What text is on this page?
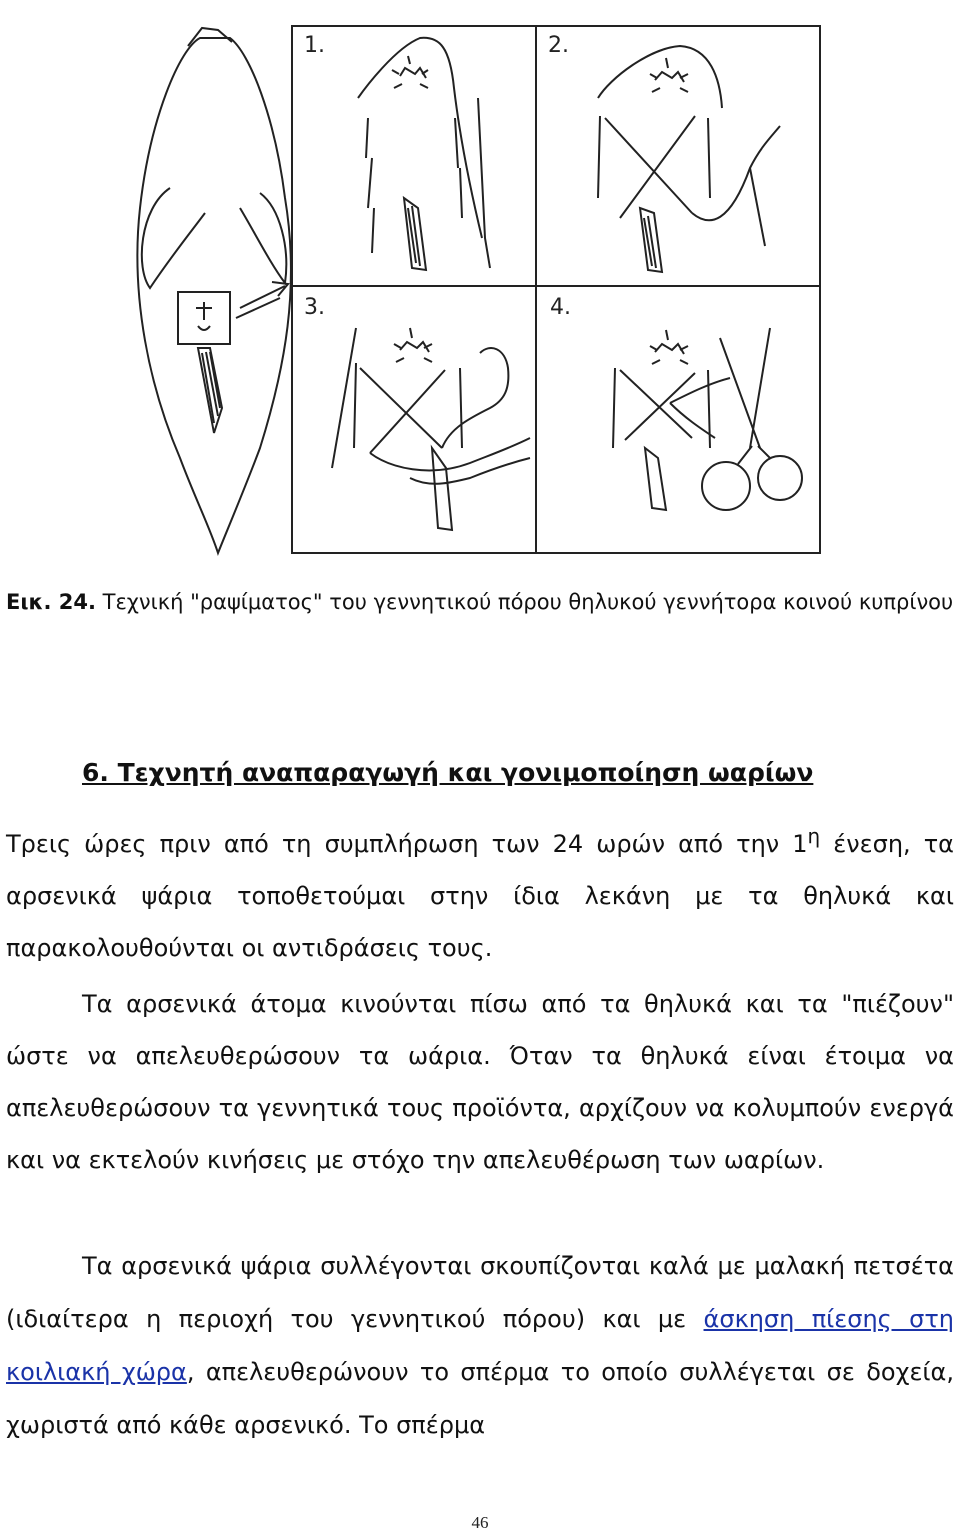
1.	2.
3.	4.
Εικ. 24. Τεχνική "ραψίματος" του γεννητικού πόρου θηλυκού γεννήτορα κοινού κυπρίνου
6. Τεχνητή αναπαραγωγή και γονιμοποίηση ωαρίων
Τρεις ώρες πριν από τη συμπλήρωση των 24 ωρών από την $1^\eta$ ένεση, τα αρσενικά ψάρια τοποθετούμαι στην ίδια λεκάνη με τα θηλυκά και παρακολουθούνται οι αντιδράσεις τους.
Τα αρσενικά άτομα κινούνται πίσω από τα θηλυκά και τα "πιέζουν" ώστε να απελευθερώσουν τα ωάρια. Όταν τα θηλυκά είναι έτοιμα να απελευθερώσουν τα γεννητικά τους προϊόντα, αρχίζουν να κολυμπούν ενεργά και να εκτελούν κινήσεις με στόχο την απελευθέρωση των ωαρίων.
Τα αρσενικά ψάρια συλλέγονται σκουπίζονται καλά με μαλακή πετσέτα (ιδιαίτερα η περιοχή του γεννητικού πόρου) και με άσκηση πίεσης στη κοιλιακή χώρα, απελευθερώνουν το σπέρμα το οποίο συλλέγεται σε δοχεία, χωριστά από κάθε αρσενικό. Το σπέρμα
46
